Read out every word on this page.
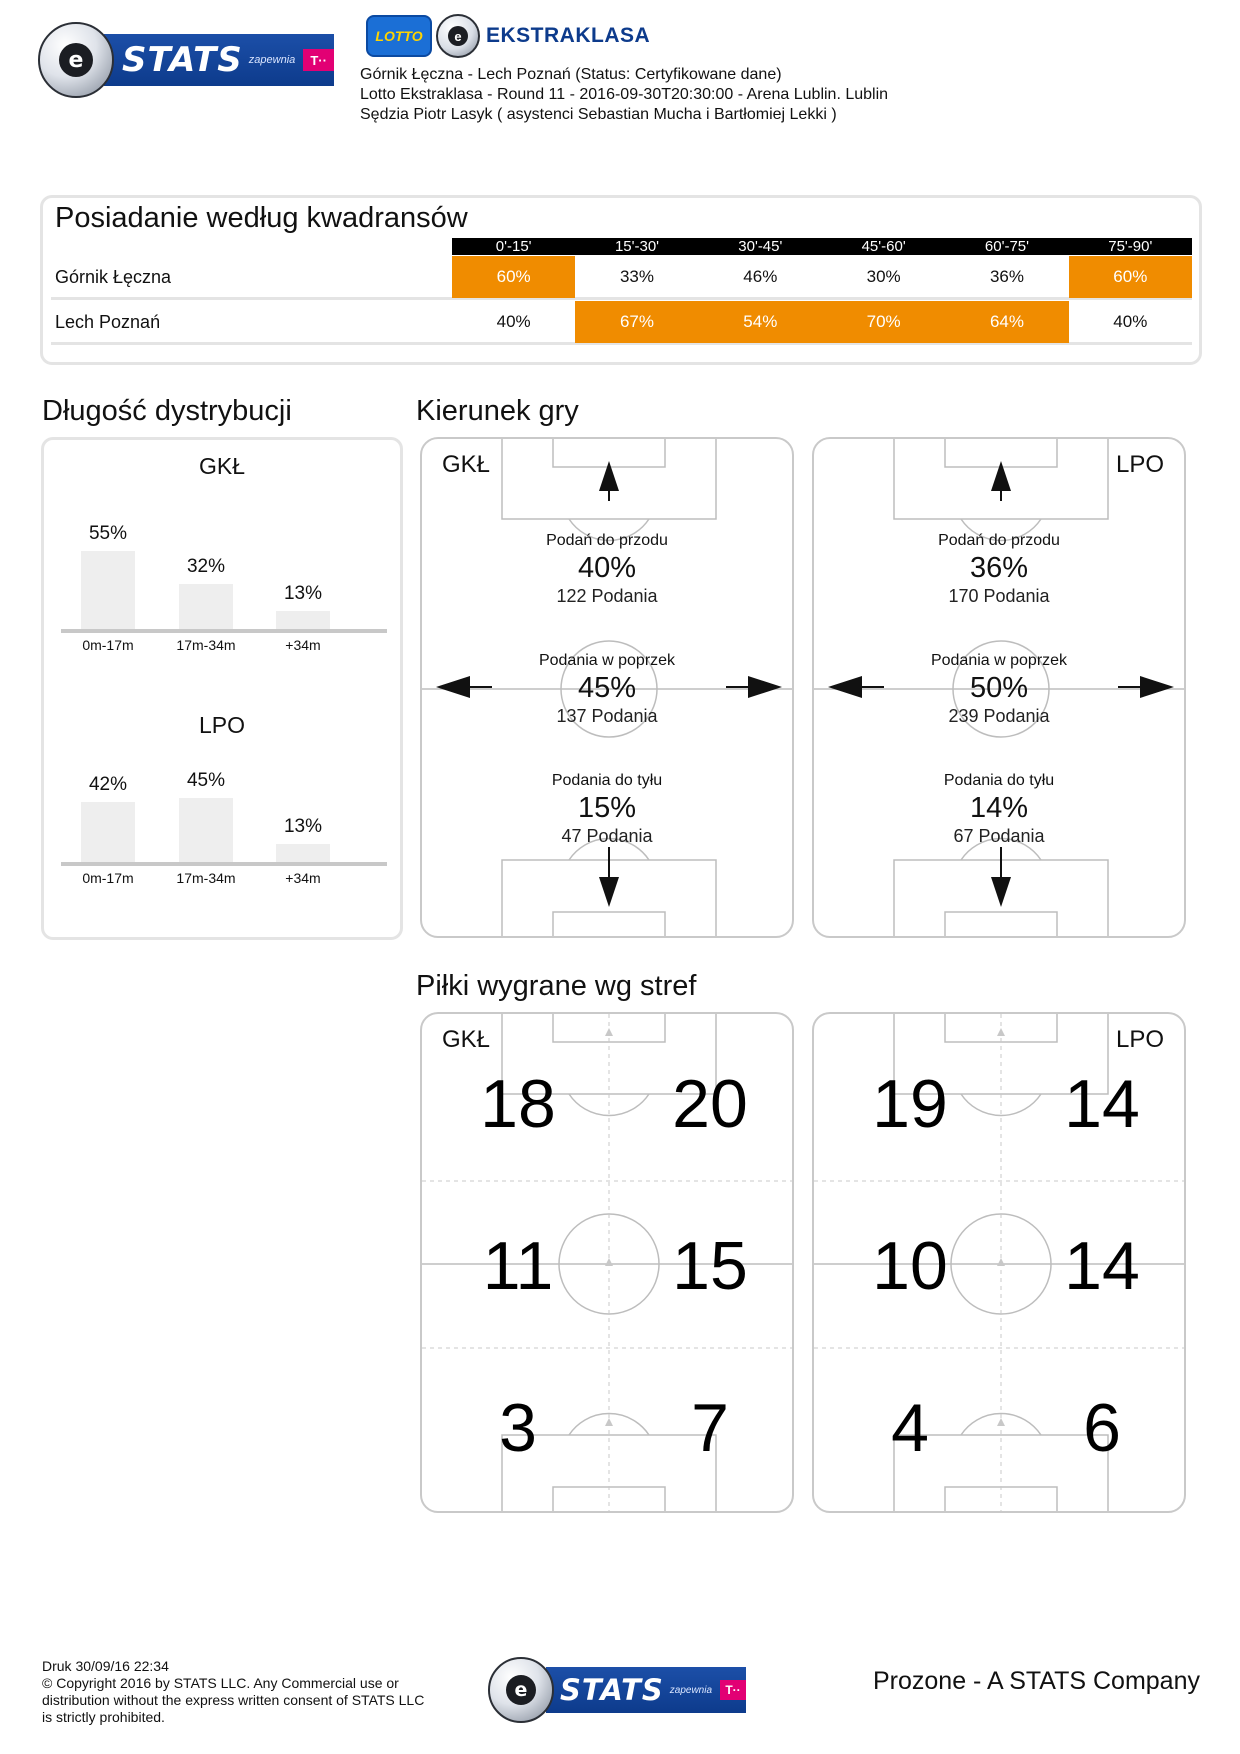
e STATS zapewnia	T··
LOTTO	e	EKSTRAKLASA
Górnik Łęczna - Lech Poznań (Status: Certyfikowane dane)
Lotto Ekstraklasa - Round 11 - 2016-09-30T20:30:00 - Arena Lublin. Lublin
Sędzia Piotr Lasyk ( asystenci Sebastian Mucha i Bartłomiej Lekki )
Posiadanie według kwadransów
0'-15'	15'-30'	30'-45'	45'-60'	60'-75'	75'-90'
Górnik Łęczna	60%	33%	46%	30%	36%	60%
Lech Poznań	40%	67%	54%	70%	64%	40%
Długość dystrybucji
GKŁ
LPO
55%
0m-17m
32%
17m-34m
13%
+34m
42%
0m-17m
45%
17m-34m
13%
+34m
Kierunek gry
GKŁ
Podań do przodu
40%
122 Podania
Podania w poprzek
45%
137 Podania
Podania do tyłu
15%
47 Podania
LPO
Podań do przodu
36%
170 Podania
Podania w poprzek
50%
239 Podania
Podania do tyłu
14%
67 Podania
Piłki wygrane wg stref
GKŁ
18	20
11	15
3	7
LPO
19	14
10	14
4	6
Druk 30/09/16 22:34
© Copyright 2016 by STATS LLC. Any Commercial use or
distribution without the express written consent of STATS LLC
is strictly prohibited.
e STATS zapewnia	T··	Prozone - A STATS Company
